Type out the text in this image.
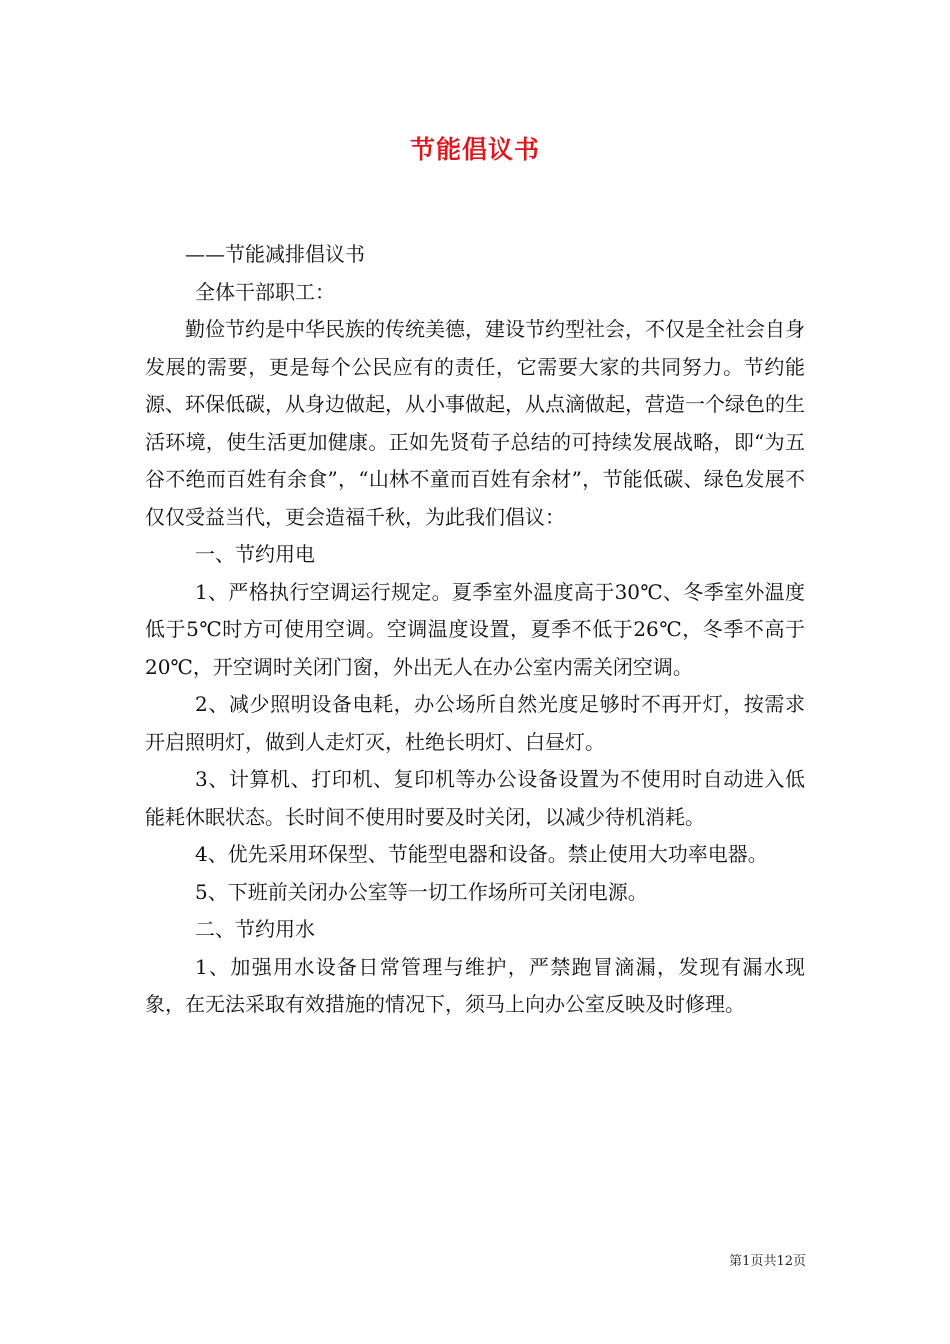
节能倡议书

——节能减排倡议书

全体干部职工：

勤俭节约是中华民族的传统美德，建设节约型社会，不仅是全社会自身发展的需要，更是每个公民应有的责任，它需要大家的共同努力。节约能源、环保低碳，从身边做起，从小事做起，从点滴做起，营造一个绿色的生活环境，使生活更加健康。正如先贤荀子总结的可持续发展战略，即“为五谷不绝而百姓有余食”，“山林不童而百姓有余材”，节能低碳、绿色发展不仅仅受益当代，更会造福千秋，为此我们倡议：

一、节约用电

1、严格执行空调运行规定。夏季室外温度高于30℃、冬季室外温度低于5℃时方可使用空调。空调温度设置，夏季不低于26℃，冬季不高于20℃，开空调时关闭门窗，外出无人在办公室内需关闭空调。

2、减少照明设备电耗，办公场所自然光度足够时不再开灯，按需求开启照明灯，做到人走灯灭，杜绝长明灯、白昼灯。

3、计算机、打印机、复印机等办公设备设置为不使用时自动进入低能耗休眠状态。长时间不使用时要及时关闭，以减少待机消耗。

4、优先采用环保型、节能型电器和设备。禁止使用大功率电器。

5、下班前关闭办公室等一切工作场所可关闭电源。

二、节约用水

1、加强用水设备日常管理与维护，严禁跑冒滴漏，发现有漏水现象，在无法采取有效措施的情况下，须马上向办公室反映及时修理。

第1页共12页
